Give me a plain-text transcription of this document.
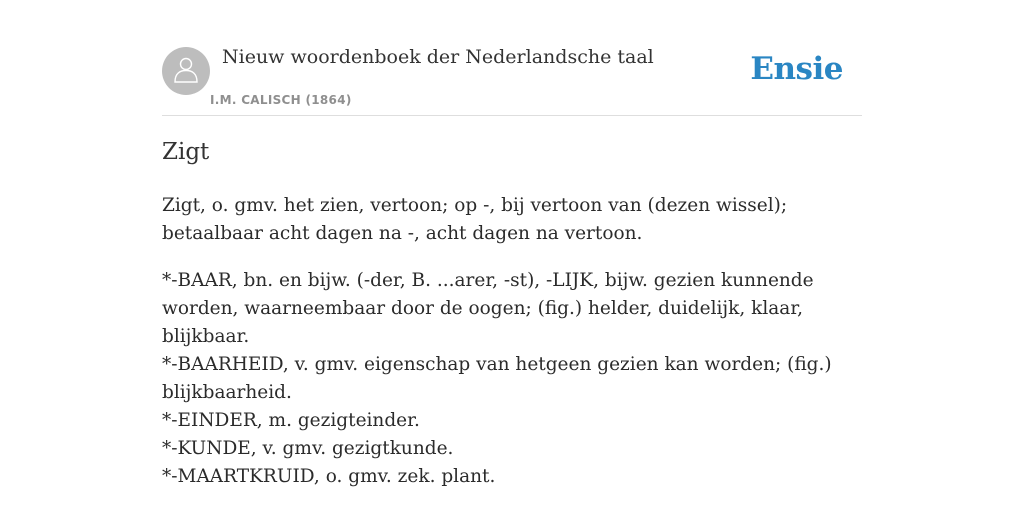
Nieuw woordenboek der Nederlandsche taal
I.M. CALISCH (1864)
Ensie
Zigt

Zigt, o. gmv. het zien, vertoon; op -, bij vertoon van (dezen wissel); betaalbaar acht dagen na -, acht dagen na vertoon.

*-BAAR, bn. en bijw. (-der, B. ...arer, -st), -LIJK, bijw. gezien kunnende worden, waarneembaar door de oogen; (fig.) helder, duidelijk, klaar, blijkbaar.
*-BAARHEID, v. gmv. eigenschap van hetgeen gezien kan worden; (fig.) blijkbaarheid.
*-EINDER, m. gezigteinder.
*-KUNDE, v. gmv. gezigtkunde.
*-MAARTKRUID, o. gmv. zek. plant.
